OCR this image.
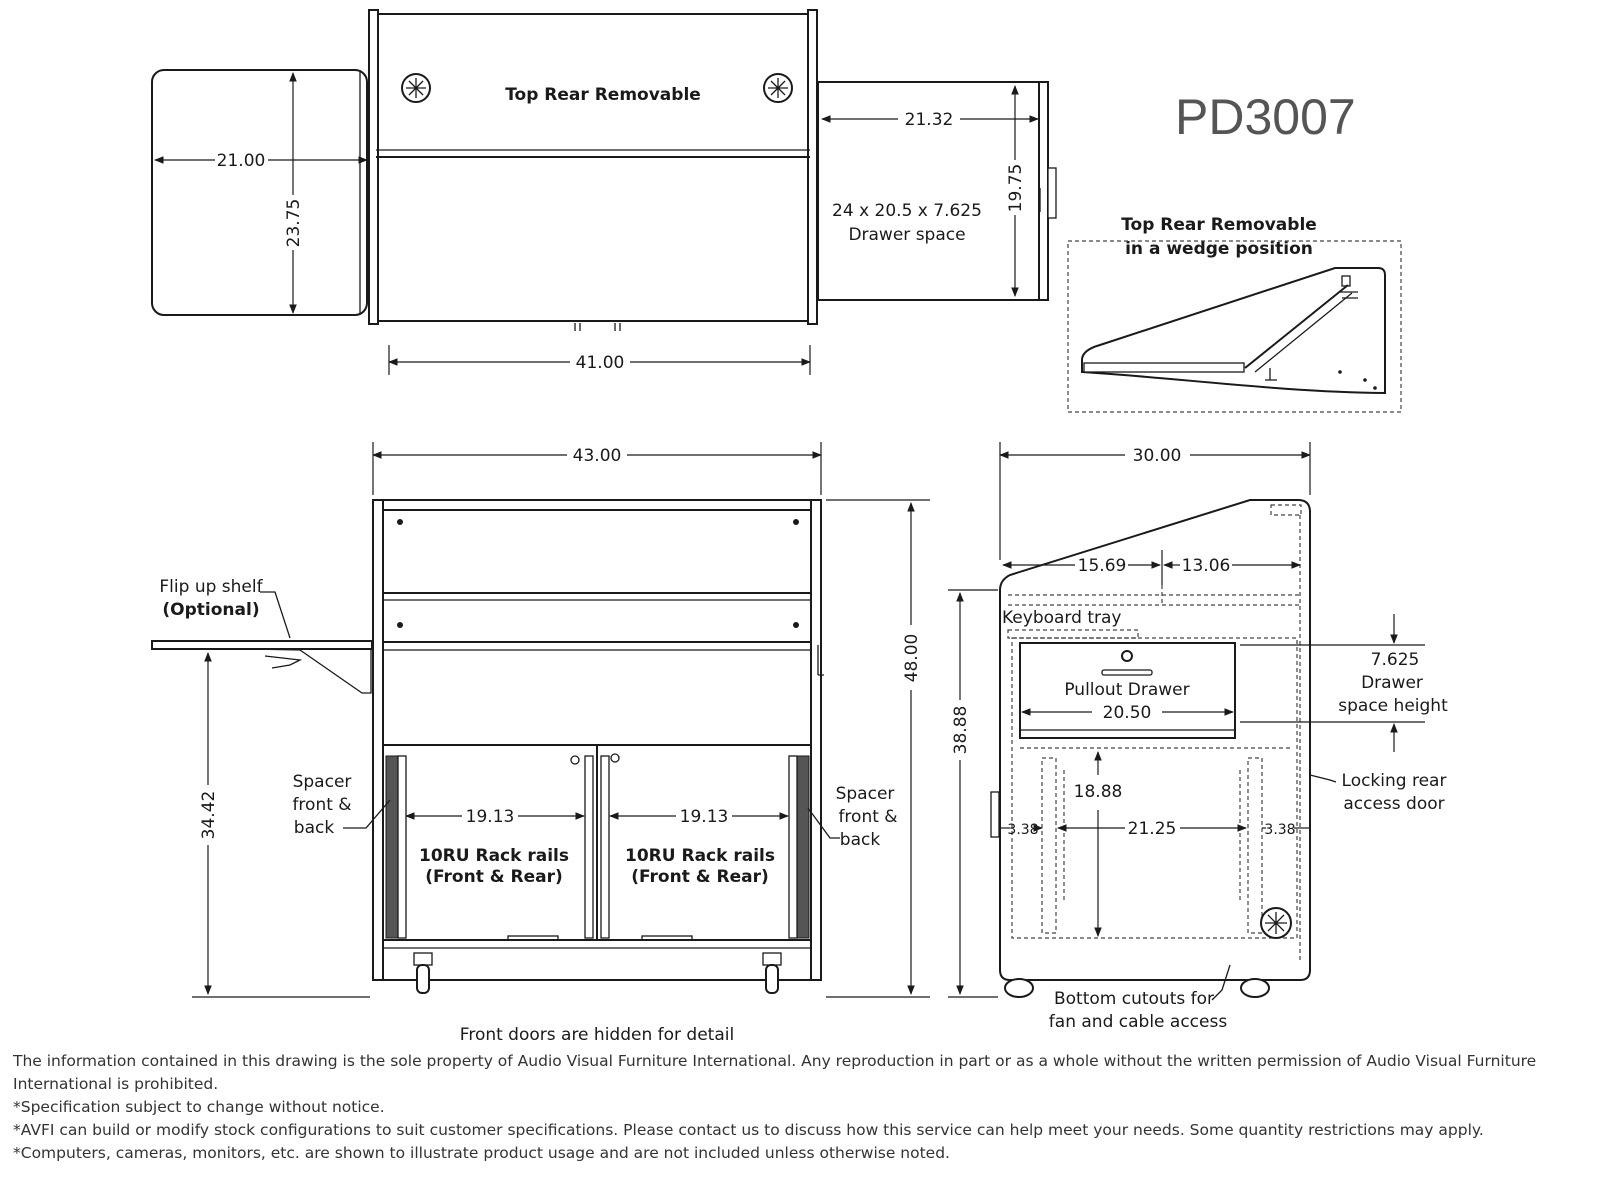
Top Rear Removable
21.00
23.75
21.32
19.75
24 x 20.5 x 7.625
Drawer space
41.00
Top Rear Removable
in a wedge position
Flip up shelf
(Optional)
43.00
48.00
34.42
Spacer
front &
back
Spacer
front &
back
19.13	19.13
10RU Rack rails
(Front & Rear)
10RU Rack rails
(Front & Rear)
Front doors are hidden for detail
30.00
15.69	13.06
Keyboard tray
Pullout Drawer
20.50
7.625
Drawer
space height
38.88
18.88
21.25
3.38	3.38
Locking rear
access door
Bottom cutouts for
fan and cable access
PD3007

The information contained in this drawing is the sole property of Audio Visual Furniture International. Any reproduction in part or as a whole without the written permission of Audio Visual Furniture International is prohibited.

*Specification subject to change without notice.

*AVFI can build or modify stock configurations to suit customer specifications. Please contact us to discuss how this service can help meet your needs. Some quantity restrictions may apply.

*Computers, cameras, monitors, etc. are shown to illustrate product usage and are not included unless otherwise noted.
